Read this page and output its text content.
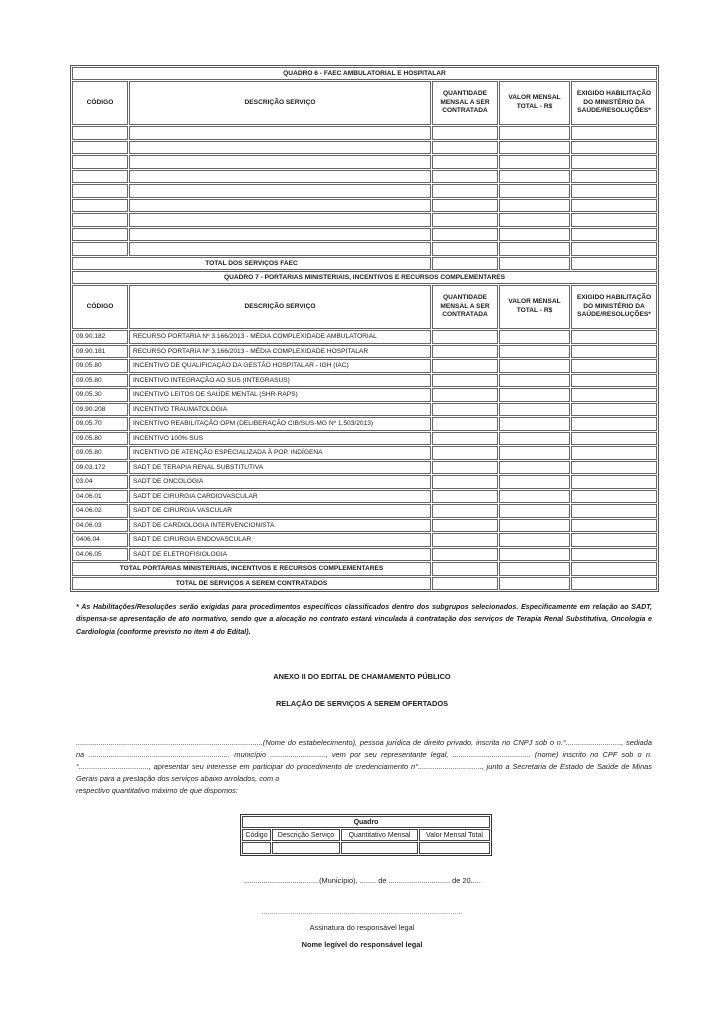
QUADRO 6 - FAEC AMBULATORIAL E HOSPITALAR				
CÓDIGO	DESCRIÇÃO SERVIÇO	QUANTIDADE MENSAL A SER CONTRATADA	VALOR MENSAL TOTAL - R$	EXIGIDO HABILITAÇÃO DO MINISTÉRIO DA SAÚDE/RESOLUÇÕES*

TOTAL DOS SERVIÇOS FAEC				
QUADRO 7 - PORTARIAS MINISTERIAIS, INCENTIVOS E RECURSOS COMPLEMENTARES				
CÓDIGO	DESCRIÇÃO SERVIÇO	QUANTIDADE MENSAL A SER CONTRATADA	VALOR MENSAL TOTAL - R$	EXIGIDO HABILITAÇÃO DO MINISTÉRIO DA SAÚDE/RESOLUÇÕES*
09.90.182	RECURSO PORTARIA Nº 3.166/2013 - MÉDIA COMPLEXIDADE AMBULATORIAL			
09.90.181	RECURSO PORTARIA Nº 3.166/2013 - MÉDIA COMPLEXIDADE HOSPITALAR			
09.05.80	INCENTIVO DE QUALIFICAÇÃO DA GESTÃO HOSPITALAR - IGH (IAC)			
09.05.80	INCENTIVO INTEGRAÇÃO AO SUS (INTEGRASUS)			
09.05.30	INCENTIVO LEITOS DE SAÚDE MENTAL (SHR-RAPS)			
09.90.208	INCENTIVO TRAUMATOLOGIA			
09.05.70	INCENTIVO REABILITAÇÃO OPM (DELIBERAÇÃO CIB/SUS-MG Nº 1.503/2013)			
09.05.80	INCENTIVO 100% SUS			
09.05.80	INCENTIVO DE ATENÇÃO ESPECIALIZADA À POP. INDÍGENA			
09.03.172	SADT DE TERAPIA RENAL SUBSTITUTIVA			
03.04	SADT DE ONCOLOGIA			
04.06.01	SADT DE CIRURGIA CARDIOVASCULAR			
04.06.02	SADT DE CIRURGIA VASCULAR			
04.06.03	SADT DE CARDIOLOGIA INTERVENCIONISTA			
0406.04	SADT DE CIRURGIA ENDOVASCULAR			
04.06.05	SADT DE ELETROFISIOLOGIA			
TOTAL PORTARIAS MINISTERIAIS, INCENTIVOS E RECURSOS COMPLEMENTARES				
TOTAL DE SERVIÇOS A SEREM CONTRATADOS				

* As Habilitações/Resoluções serão exigidas para procedimentos específicos classificados dentro dos subgrupos selecionados. Especificamente em relação ao SADT, dispensa-se apresentação de ato normativo, sendo que a alocação no contrato estará vinculada à contratação dos serviços de Terapia Renal Substitutiva, Oncologia e Cardiologia (conforme previsto no item 4 do Edital).

ANEXO II DO EDITAL DE CHAMAMENTO PÚBLICO
RELAÇÃO DE SERVIÇOS A SEREM OFERTADOS
...........................................................................................(Nome do estabelecimento), pessoa jurídica de direito privado, inscrita no CNPJ sob o n.°..........................., sediada na ..................................................................... município ..........................., vem por seu representante legal, ...................................... (nome) inscrito no CPF sob o n.°.................................., apresentar seu interesse em participar do procedimento de credenciamento n°..............................., junto a Secretaria de Estado de Saúde de Minas Gerais para a prestação dos serviços abaixo arrolados, com o
respectivo quantitativo máximo de que dispomos:
Quadro			
Código	Descrição Serviço	Quantitativo Mensal	Valor Mensal Total

.....................................(Município), ........ de .............................. de 20.....
..................................................................................................
Assinatura do responsável legal
Nome legível do responsável legal
